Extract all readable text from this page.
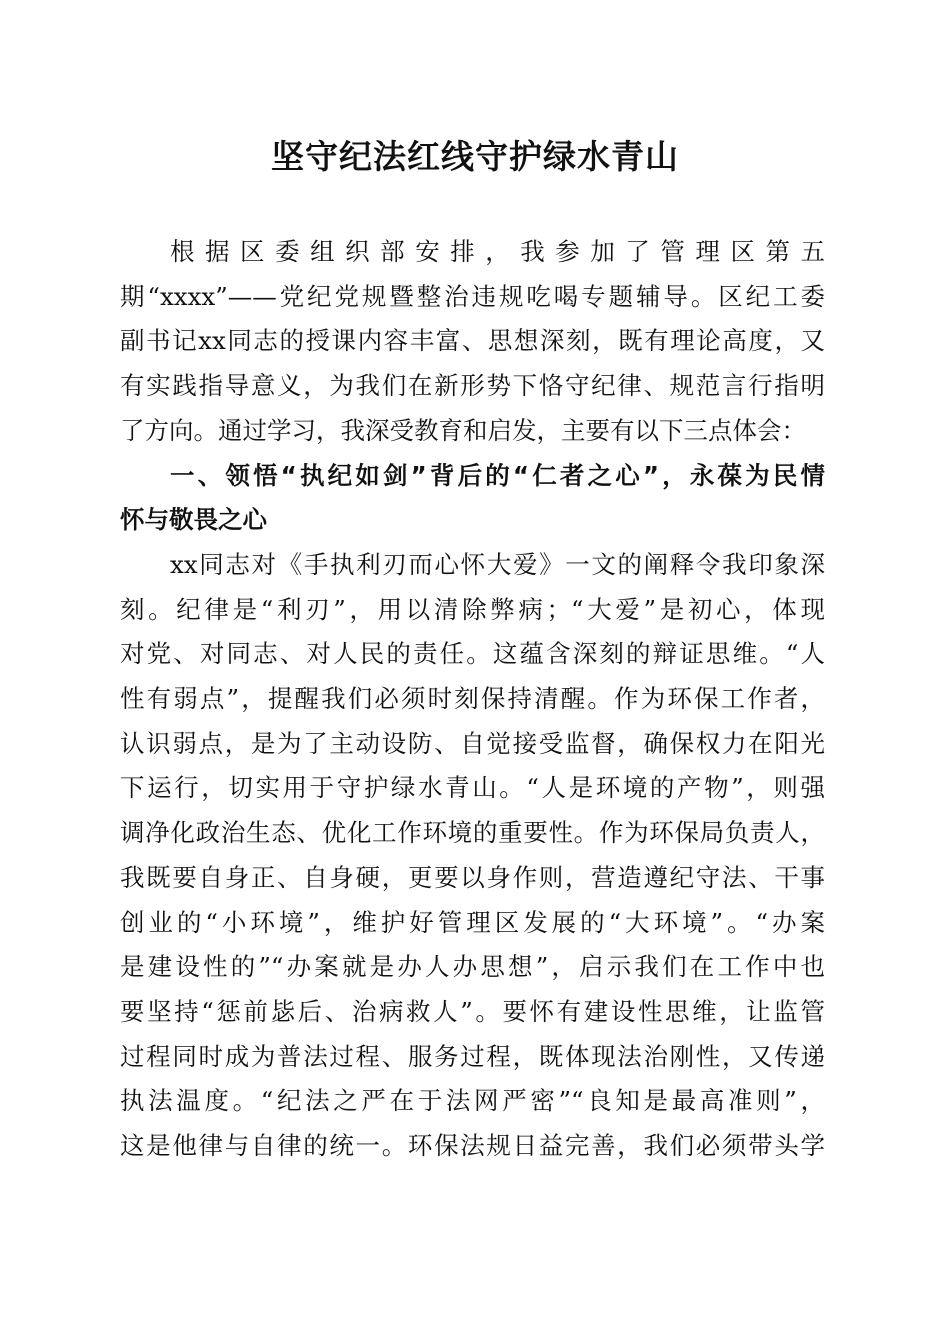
坚守纪法红线守护绿水青山
根据区委组织部安排，我参加了管理区第五
期“xxxx”——党纪党规暨整治违规吃喝专题辅导。区纪工委
副书记xx同志的授课内容丰富、思想深刻，既有理论高度，又
有实践指导意义，为我们在新形势下恪守纪律、规范言行指明
了方向。通过学习，我深受教育和启发，主要有以下三点体会：
一、领悟“执纪如剑”背后的“仁者之心”，永葆为民情
怀与敬畏之心
xx同志对《手执利刃而心怀大爱》一文的阐释令我印象深
刻。纪律是“利刃”，用以清除弊病；“大爱”是初心，体现
对党、对同志、对人民的责任。这蕴含深刻的辩证思维。“人
性有弱点”，提醒我们必须时刻保持清醒。作为环保工作者，
认识弱点，是为了主动设防、自觉接受监督，确保权力在阳光
下运行，切实用于守护绿水青山。“人是环境的产物”，则强
调净化政治生态、优化工作环境的重要性。作为环保局负责人，
我既要自身正、自身硬，更要以身作则，营造遵纪守法、干事
创业的“小环境”，维护好管理区发展的“大环境”。“办案
是建设性的”“办案就是办人办思想”，启示我们在工作中也
要坚持“惩前毖后、治病救人”。要怀有建设性思维，让监管
过程同时成为普法过程、服务过程，既体现法治刚性，又传递
执法温度。“纪法之严在于法网严密”“良知是最高准则”，
这是他律与自律的统一。环保法规日益完善，我们必须带头学
